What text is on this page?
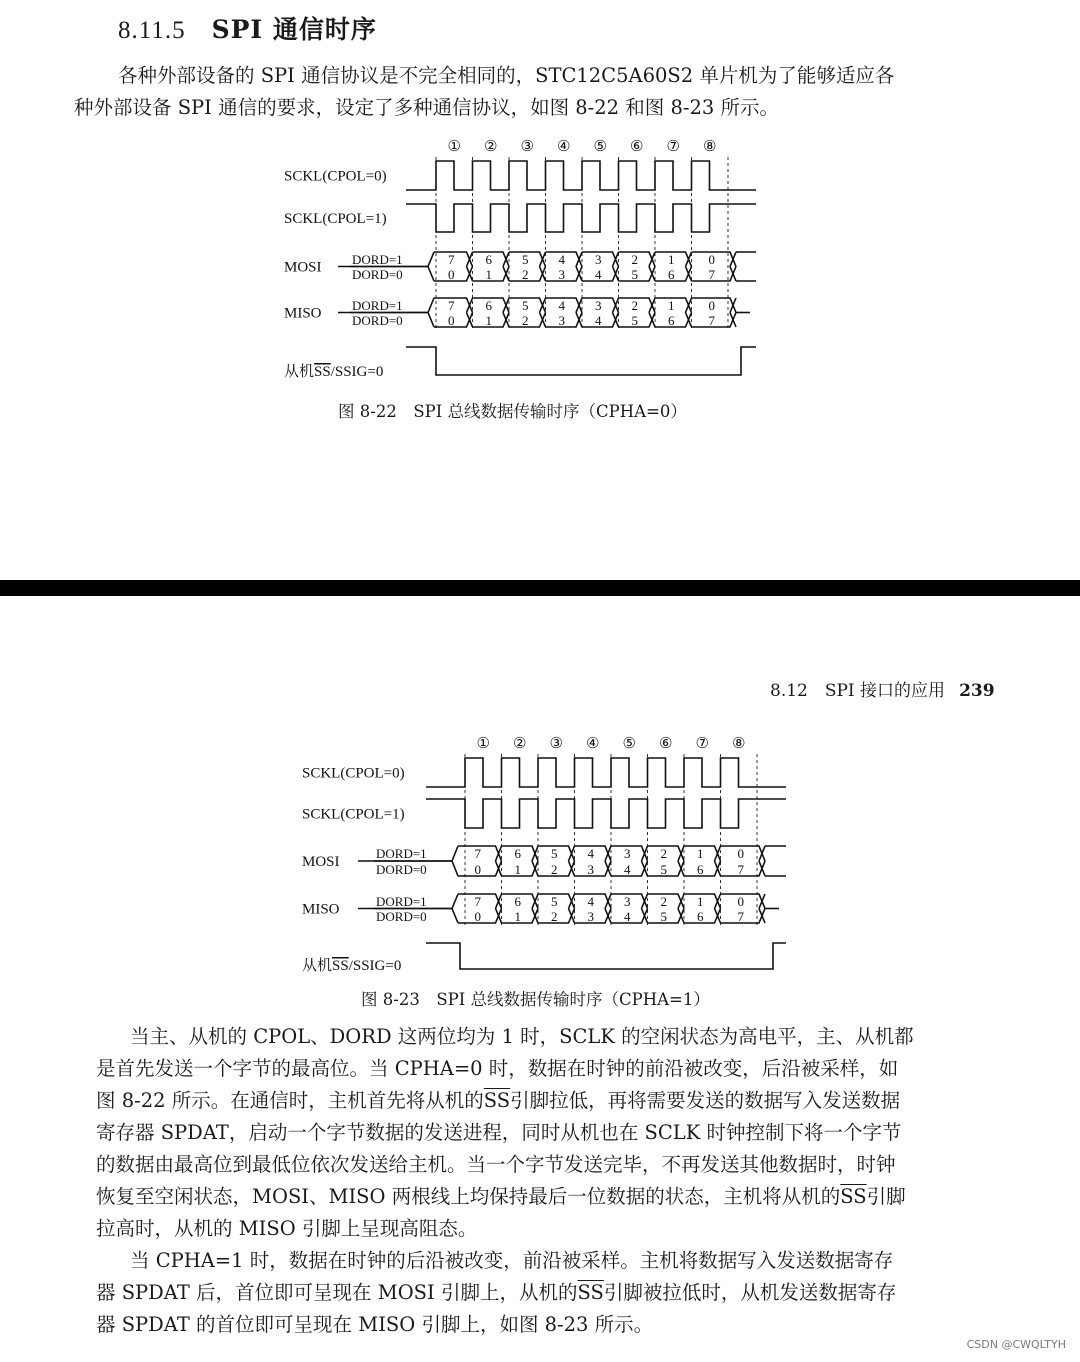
8.11.5 SPI 通信时序
各种外部设备的 SPI 通信协议是不完全相同的，STC12C5A60S2 单片机为了能够适应各
种外部设备 SPI 通信的要求，设定了多种通信协议，如图 8-22 和图 8-23 所示。
① ② ③ ④ ⑤ ⑥ ⑦ ⑧
SCKL(CPOL=0)
SCKL(CPOL=1)
7
0
6
1
5
2
4
3
3
4
2
5
1
6
0
7
DORD=1
DORD=0
7
0
6
1
5
2
4
3
3
4
2
5
1
6
0
7
DORD=1
DORD=0
MOSI
MISO
从机SS/SSIG=0
图 8-22　SPI 总线数据传输时序（CPHA=0）
8.12　SPI 接口的应用 239
① ② ③ ④ ⑤ ⑥ ⑦ ⑧
SCKL(CPOL=0)
SCKL(CPOL=1)
7
0
6
1
5
2
4
3
3
4
2
5
1
6
0
7
DORD=1
DORD=0
7
0
6
1
5
2
4
3
3
4
2
5
1
6
0
7
DORD=1
DORD=0
MOSI
MISO
从机SS/SSIG=0
图 8-23　SPI 总线数据传输时序（CPHA=1）
当主、从机的 CPOL、DORD 这两位均为 1 时，SCLK 的空闲状态为高电平，主、从机都
是首先发送一个字节的最高位。当 CPHA=0 时，数据在时钟的前沿被改变，后沿被采样，如
图 8-22 所示。在通信时，主机首先将从机的$\overline{SS}$引脚拉低，再将需要发送的数据写入发送数据
寄存器 SPDAT，启动一个字节数据的发送进程，同时从机也在 SCLK 时钟控制下将一个字节
的数据由最高位到最低位依次发送给主机。当一个字节发送完毕，不再发送其他数据时，时钟
恢复至空闲状态，MOSI、MISO 两根线上均保持最后一位数据的状态，主机将从机的$\overline{SS}$引脚
拉高时，从机的 MISO 引脚上呈现高阻态。
当 CPHA=1 时，数据在时钟的后沿被改变，前沿被采样。主机将数据写入发送数据寄存
器 SPDAT 后，首位即可呈现在 MOSI 引脚上，从机的$\overline{SS}$引脚被拉低时，从机发送数据寄存
器 SPDAT 的首位即可呈现在 MISO 引脚上，如图 8-23 所示。
CSDN @CWQLTYH
